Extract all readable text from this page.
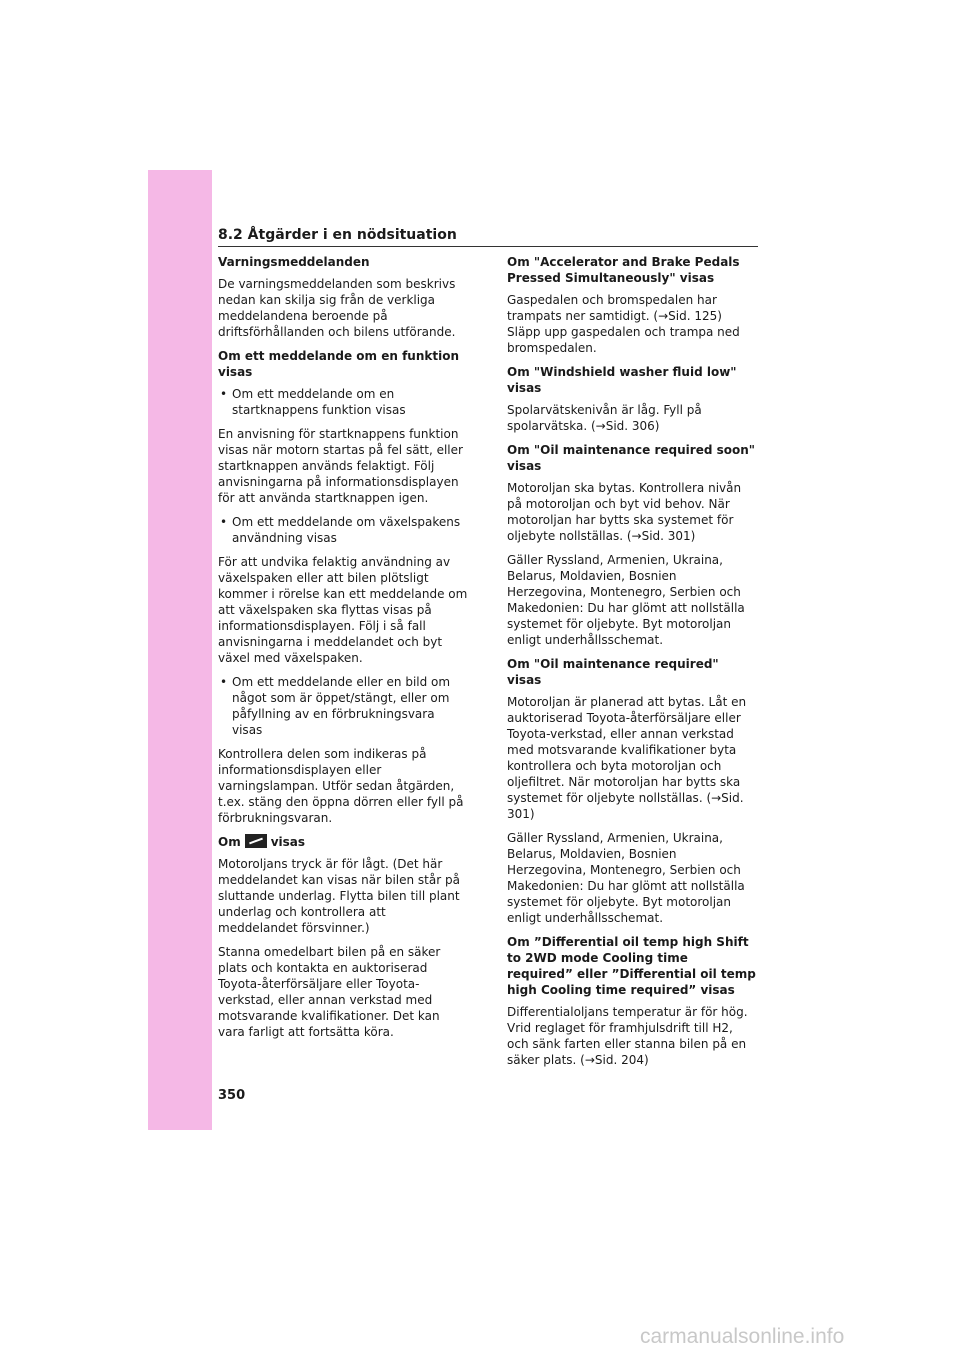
8.2 Åtgärder i en nödsituation

Varningsmeddelanden

De varningsmeddelanden som beskrivs nedan kan skilja sig från de verkliga meddelandena beroende på driftsförhållanden och bilens utförande.

Om ett meddelande om en funktion visas

• Om ett meddelande om en startknappens funktion visas

En anvisning för startknappens funktion visas när motorn startas på fel sätt, eller startknappen används felaktigt. Följ anvisningarna på informationsdisplayen för att använda startknappen igen.

• Om ett meddelande om växelspakens användning visas

För att undvika felaktig användning av växelspaken eller att bilen plötsligt kommer i rörelse kan ett meddelande om att växelspaken ska flyttas visas på informationsdisplayen. Följ i så fall anvisningarna i meddelandet och byt växel med växelspaken.

• Om ett meddelande eller en bild om något som är öppet/stängt, eller om påfyllning av en förbrukningsvara visas

Kontrollera delen som indikeras på informationsdisplayen eller varningslampan. Utför sedan åtgärden, t.ex. stäng den öppna dörren eller fyll på förbrukningsvaran.

Om	visas

Motoroljans tryck är för lågt. (Det här meddelandet kan visas när bilen står på sluttande underlag. Flytta bilen till plant underlag och kontrollera att meddelandet försvinner.)

Stanna omedelbart bilen på en säker plats och kontakta en auktoriserad Toyota-återförsäljare eller Toyota-verkstad, eller annan verkstad med motsvarande kvalifikationer. Det kan vara farligt att fortsätta köra.

Om "Accelerator and Brake Pedals Pressed Simultaneously" visas

Gaspedalen och bromspedalen har trampats ner samtidigt. (→Sid. 125) Släpp upp gaspedalen och trampa ned bromspedalen.

Om "Windshield washer fluid low" visas

Spolarvätskenivån är låg. Fyll på spolarvätska. (→Sid. 306)

Om "Oil maintenance required soon" visas

Motoroljan ska bytas. Kontrollera nivån på motoroljan och byt vid behov. När motoroljan har bytts ska systemet för oljebyte nollställas. (→Sid. 301)

Gäller Ryssland, Armenien, Ukraina, Belarus, Moldavien, Bosnien Herzegovina, Montenegro, Serbien och Makedonien: Du har glömt att nollställa systemet för oljebyte. Byt motoroljan enligt underhållsschemat.

Om "Oil maintenance required" visas

Motoroljan är planerad att bytas. Låt en auktoriserad Toyota-återförsäljare eller Toyota-verkstad, eller annan verkstad med motsvarande kvalifikationer byta kontrollera och byta motoroljan och oljefiltret. När motoroljan har bytts ska systemet för oljebyte nollställas. (→Sid. 301)

Gäller Ryssland, Armenien, Ukraina, Belarus, Moldavien, Bosnien Herzegovina, Montenegro, Serbien och Makedonien: Du har glömt att nollställa systemet för oljebyte. Byt motoroljan enligt underhållsschemat.

Om ”Differential oil temp high Shift to 2WD mode Cooling time required” eller ”Differential oil temp high Cooling time required” visas

Differentialoljans temperatur är för hög. Vrid reglaget för framhjulsdrift till H2, och sänk farten eller stanna bilen på en säker plats. (→Sid. 204)

350
carmanualsonline.info
